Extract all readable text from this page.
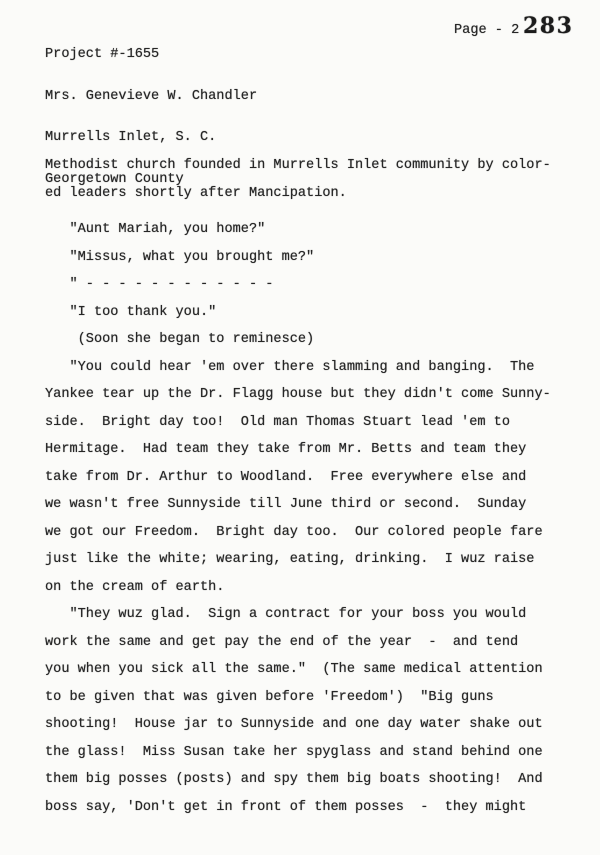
Project #-1655

Mrs. Genevieve W. Chandler

Murrells Inlet, S. C.

Georgetown County

Page - 2 283
Methodist church founded in Murrells Inlet community by color-
ed leaders shortly after Mancipation.
"Aunt Mariah, you home?"
"Missus, what you brought me?"
" - - - - - - - - - - - -
"I too thank you."
(Soon she began to reminesce)
"You could hear 'em over there slamming and banging.  The
Yankee tear up the Dr. Flagg house but they didn't come Sunny-
side.  Bright day too!  Old man Thomas Stuart lead 'em to
Hermitage.  Had team they take from Mr. Betts and team they
take from Dr. Arthur to Woodland.  Free everywhere else and
we wasn't free Sunnyside till June third or second.  Sunday
we got our Freedom.  Bright day too.  Our colored people fare
just like the white; wearing, eating, drinking.  I wuz raise
on the cream of earth.
"They wuz glad.  Sign a contract for your boss you would
work the same and get pay the end of the year  -  and tend
you when you sick all the same."  (The same medical attention
to be given that was given before 'Freedom')  "Big guns
shooting!  House jar to Sunnyside and one day water shake out
the glass!  Miss Susan take her spyglass and stand behind one
them big posses (posts) and spy them big boats shooting!  And
boss say, 'Don't get in front of them posses  -  they might
